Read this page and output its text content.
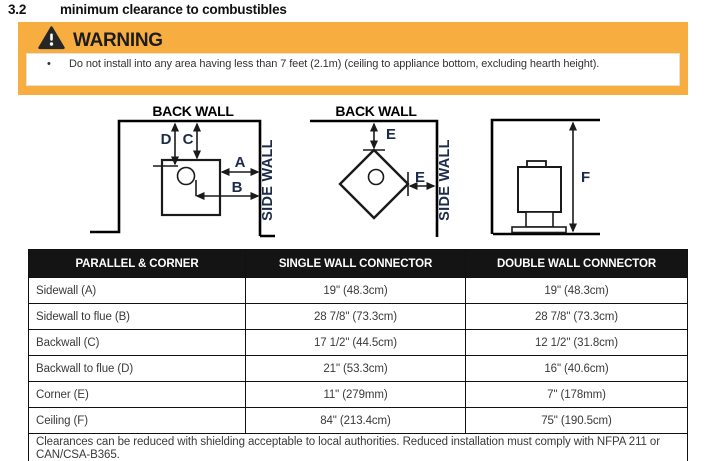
3.2	minimum clearance to combustibles
WARNING
• Do not install into any area having less than 7 feet (2.1m) (ceiling to appliance bottom, excluding hearth height).
BACK WALL
SIDE WALL
D C
A
B
BACK WALL
SIDE WALL
E
E	F
PARALLEL & CORNER	SINGLE WALL CONNECTOR	DOUBLE WALL CONNECTOR
Sidewall (A)	19" (48.3cm)	19" (48.3cm)
Sidewall to flue (B)	28 7/8" (73.3cm)	28 7/8" (73.3cm)
Backwall (C)	17 1/2" (44.5cm)	12 1/2" (31.8cm)
Backwall to flue (D)	21" (53.3cm)	16" (40.6cm)
Corner (E)	11" (279mm)	7" (178mm)
Ceiling (F)	84" (213.4cm)	75" (190.5cm)
Clearances can be reduced with shielding acceptable to local authorities. Reduced installation must comply with NFPA 211 or CAN/CSA-B365.		
